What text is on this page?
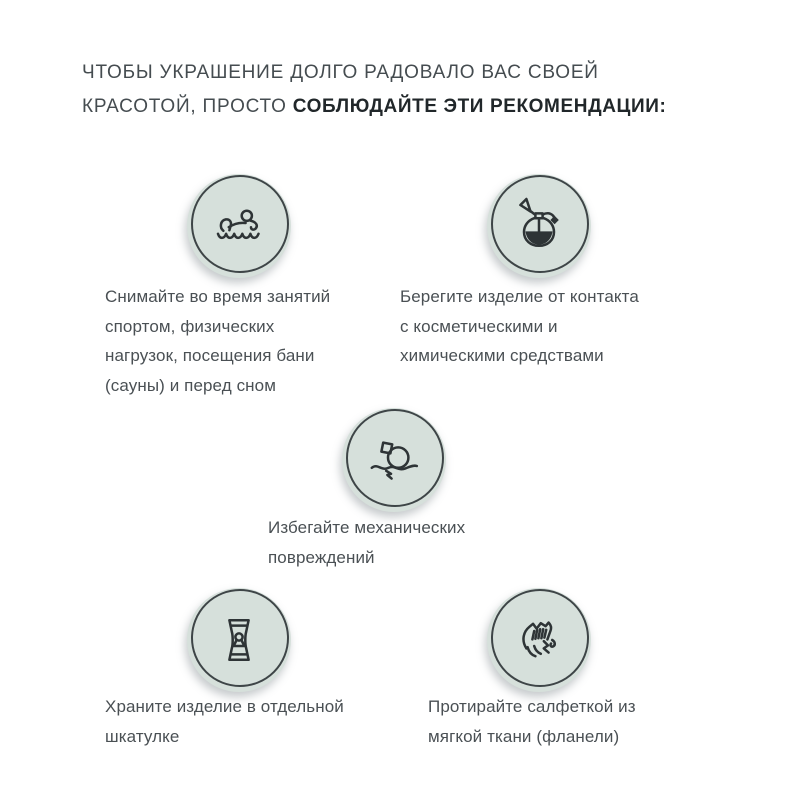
ЧТОБЫ УКРАШЕНИЕ ДОЛГО РАДОВАЛО ВАС СВОЕЙ
КРАСОТОЙ, ПРОСТО СОБЛЮДАЙТЕ ЭТИ РЕКОМЕНДАЦИИ:

Снимайте во время занятий
спортом, физических
нагрузок, посещения бани
(сауны) и перед сном

Берегите изделие от контакта
с косметическими и
химическими средствами

Избегайте механических
повреждений

Храните изделие в отдельной
шкатулке

Протирайте салфеткой из
мягкой ткани (фланели)
